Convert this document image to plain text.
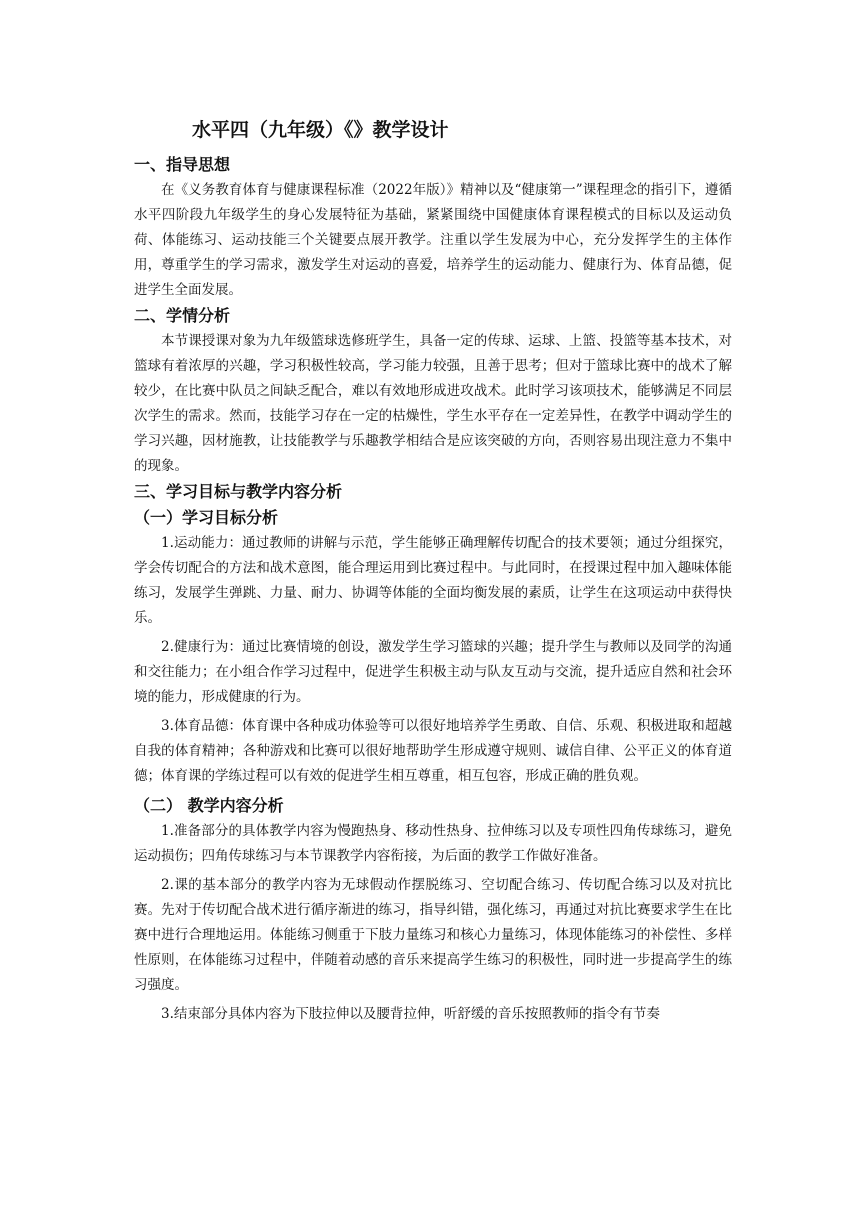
水平四（九年级）《》教学设计
一、指导思想

在《义务教育体育与健康课程标准（2022年版）》精神以及“健康第一”课程理念的指引下，遵循水平四阶段九年级学生的身心发展特征为基础，紧紧围绕中国健康体育课程模式的目标以及运动负荷、体能练习、运动技能三个关键要点展开教学。注重以学生发展为中心，充分发挥学生的主体作用，尊重学生的学习需求，激发学生对运动的喜爱，培养学生的运动能力、健康行为、体育品德，促进学生全面发展。

二、学情分析

本节课授课对象为九年级篮球选修班学生，具备一定的传球、运球、上篮、投篮等基本技术，对篮球有着浓厚的兴趣，学习积极性较高，学习能力较强，且善于思考；但对于篮球比赛中的战术了解较少，在比赛中队员之间缺乏配合，难以有效地形成进攻战术。此时学习该项技术，能够满足不同层次学生的需求。然而，技能学习存在一定的枯燥性，学生水平存在一定差异性，在教学中调动学生的学习兴趣，因材施教，让技能教学与乐趣教学相结合是应该突破的方向，否则容易出现注意力不集中的现象。

三、学习目标与教学内容分析
（一）学习目标分析

1.运动能力：通过教师的讲解与示范，学生能够正确理解传切配合的技术要领；通过分组探究，学会传切配合的方法和战术意图，能合理运用到比赛过程中。与此同时，在授课过程中加入趣味体能练习，发展学生弹跳、力量、耐力、协调等体能的全面均衡发展的素质，让学生在这项运动中获得快乐。

2.健康行为：通过比赛情境的创设，激发学生学习篮球的兴趣；提升学生与教师以及同学的沟通和交往能力；在小组合作学习过程中，促进学生积极主动与队友互动与交流，提升适应自然和社会环境的能力，形成健康的行为。

3.体育品德：体育课中各种成功体验等可以很好地培养学生勇敢、自信、乐观、积极进取和超越自我的体育精神；各种游戏和比赛可以很好地帮助学生形成遵守规则、诚信自律、公平正义的体育道德；体育课的学练过程可以有效的促进学生相互尊重，相互包容，形成正确的胜负观。

（二） 教学内容分析

1.准备部分的具体教学内容为慢跑热身、移动性热身、拉伸练习以及专项性四角传球练习，避免运动损伤；四角传球练习与本节课教学内容衔接，为后面的教学工作做好准备。

2.课的基本部分的教学内容为无球假动作摆脱练习、空切配合练习、传切配合练习以及对抗比赛。先对于传切配合战术进行循序渐进的练习，指导纠错，强化练习，再通过对抗比赛要求学生在比赛中进行合理地运用。体能练习侧重于下肢力量练习和核心力量练习，体现体能练习的补偿性、多样性原则，在体能练习过程中，伴随着动感的音乐来提高学生练习的积极性，同时进一步提高学生的练习强度。

3.结束部分具体内容为下肢拉伸以及腰背拉伸，听舒缓的音乐按照教师的指令有节奏
